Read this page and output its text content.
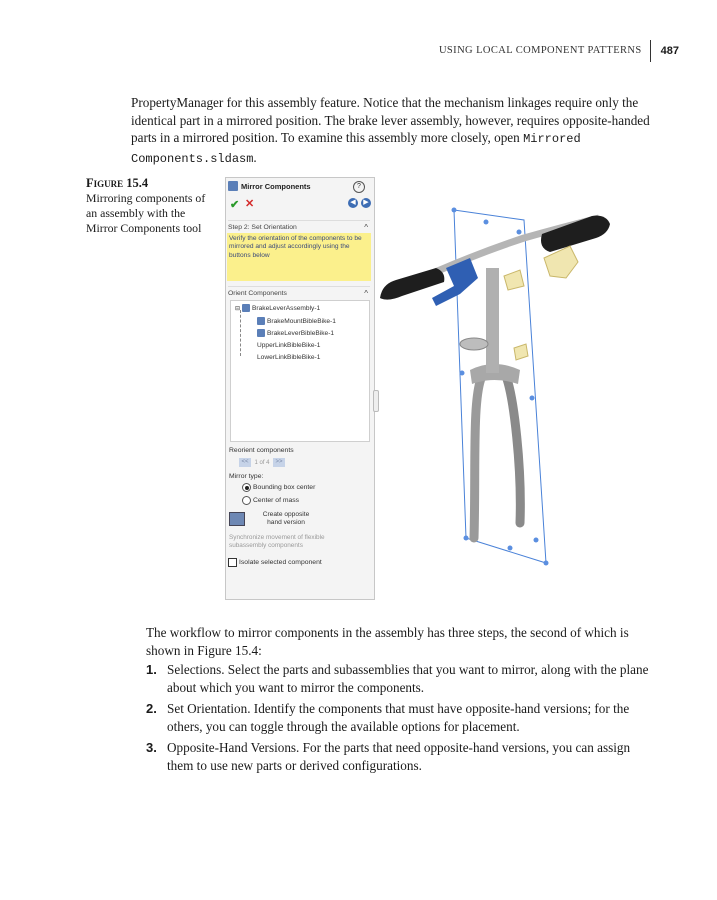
USING LOCAL COMPONENT PATTERNS	487

PropertyManager for this assembly feature. Notice that the mechanism linkages require only the identical part in a mirrored position. The brake lever assembly, however, requires opposite-handed parts in a mirrored position. To examine this assembly more closely, open Mirrored Components.sldasm.

Figure 15.4
Mirroring components of an assembly with the Mirror Components tool
Mirror Components	?
✔ ✕	◀	▶
Step 2: Set Orientation	^
Verify the orientation of the components to be mirrored and adjust accordingly using the buttons below
Orient Components	^
⊟ BrakeLeverAssembly-1
BrakeMountBibleBike-1
BrakeLeverBibleBike-1
UpperLinkBibleBike-1
LowerLinkBibleBike-1
Reorient components
<< 1 of 4 >>
Mirror type:
Bounding box center
Center of mass
Create opposite hand version
Synchronize movement of flexible subassembly components
Isolate selected component

The workflow to mirror components in the assembly has three steps, the second of which is shown in Figure 15.4:

1. Selections. Select the parts and subassemblies that you want to mirror, along with the plane about which you want to mirror the components.
2. Set Orientation. Identify the components that must have opposite-hand versions; for the others, you can toggle through the available options for placement.
3. Opposite-Hand Versions. For the parts that need opposite-hand versions, you can assign them to use new parts or derived configurations.
